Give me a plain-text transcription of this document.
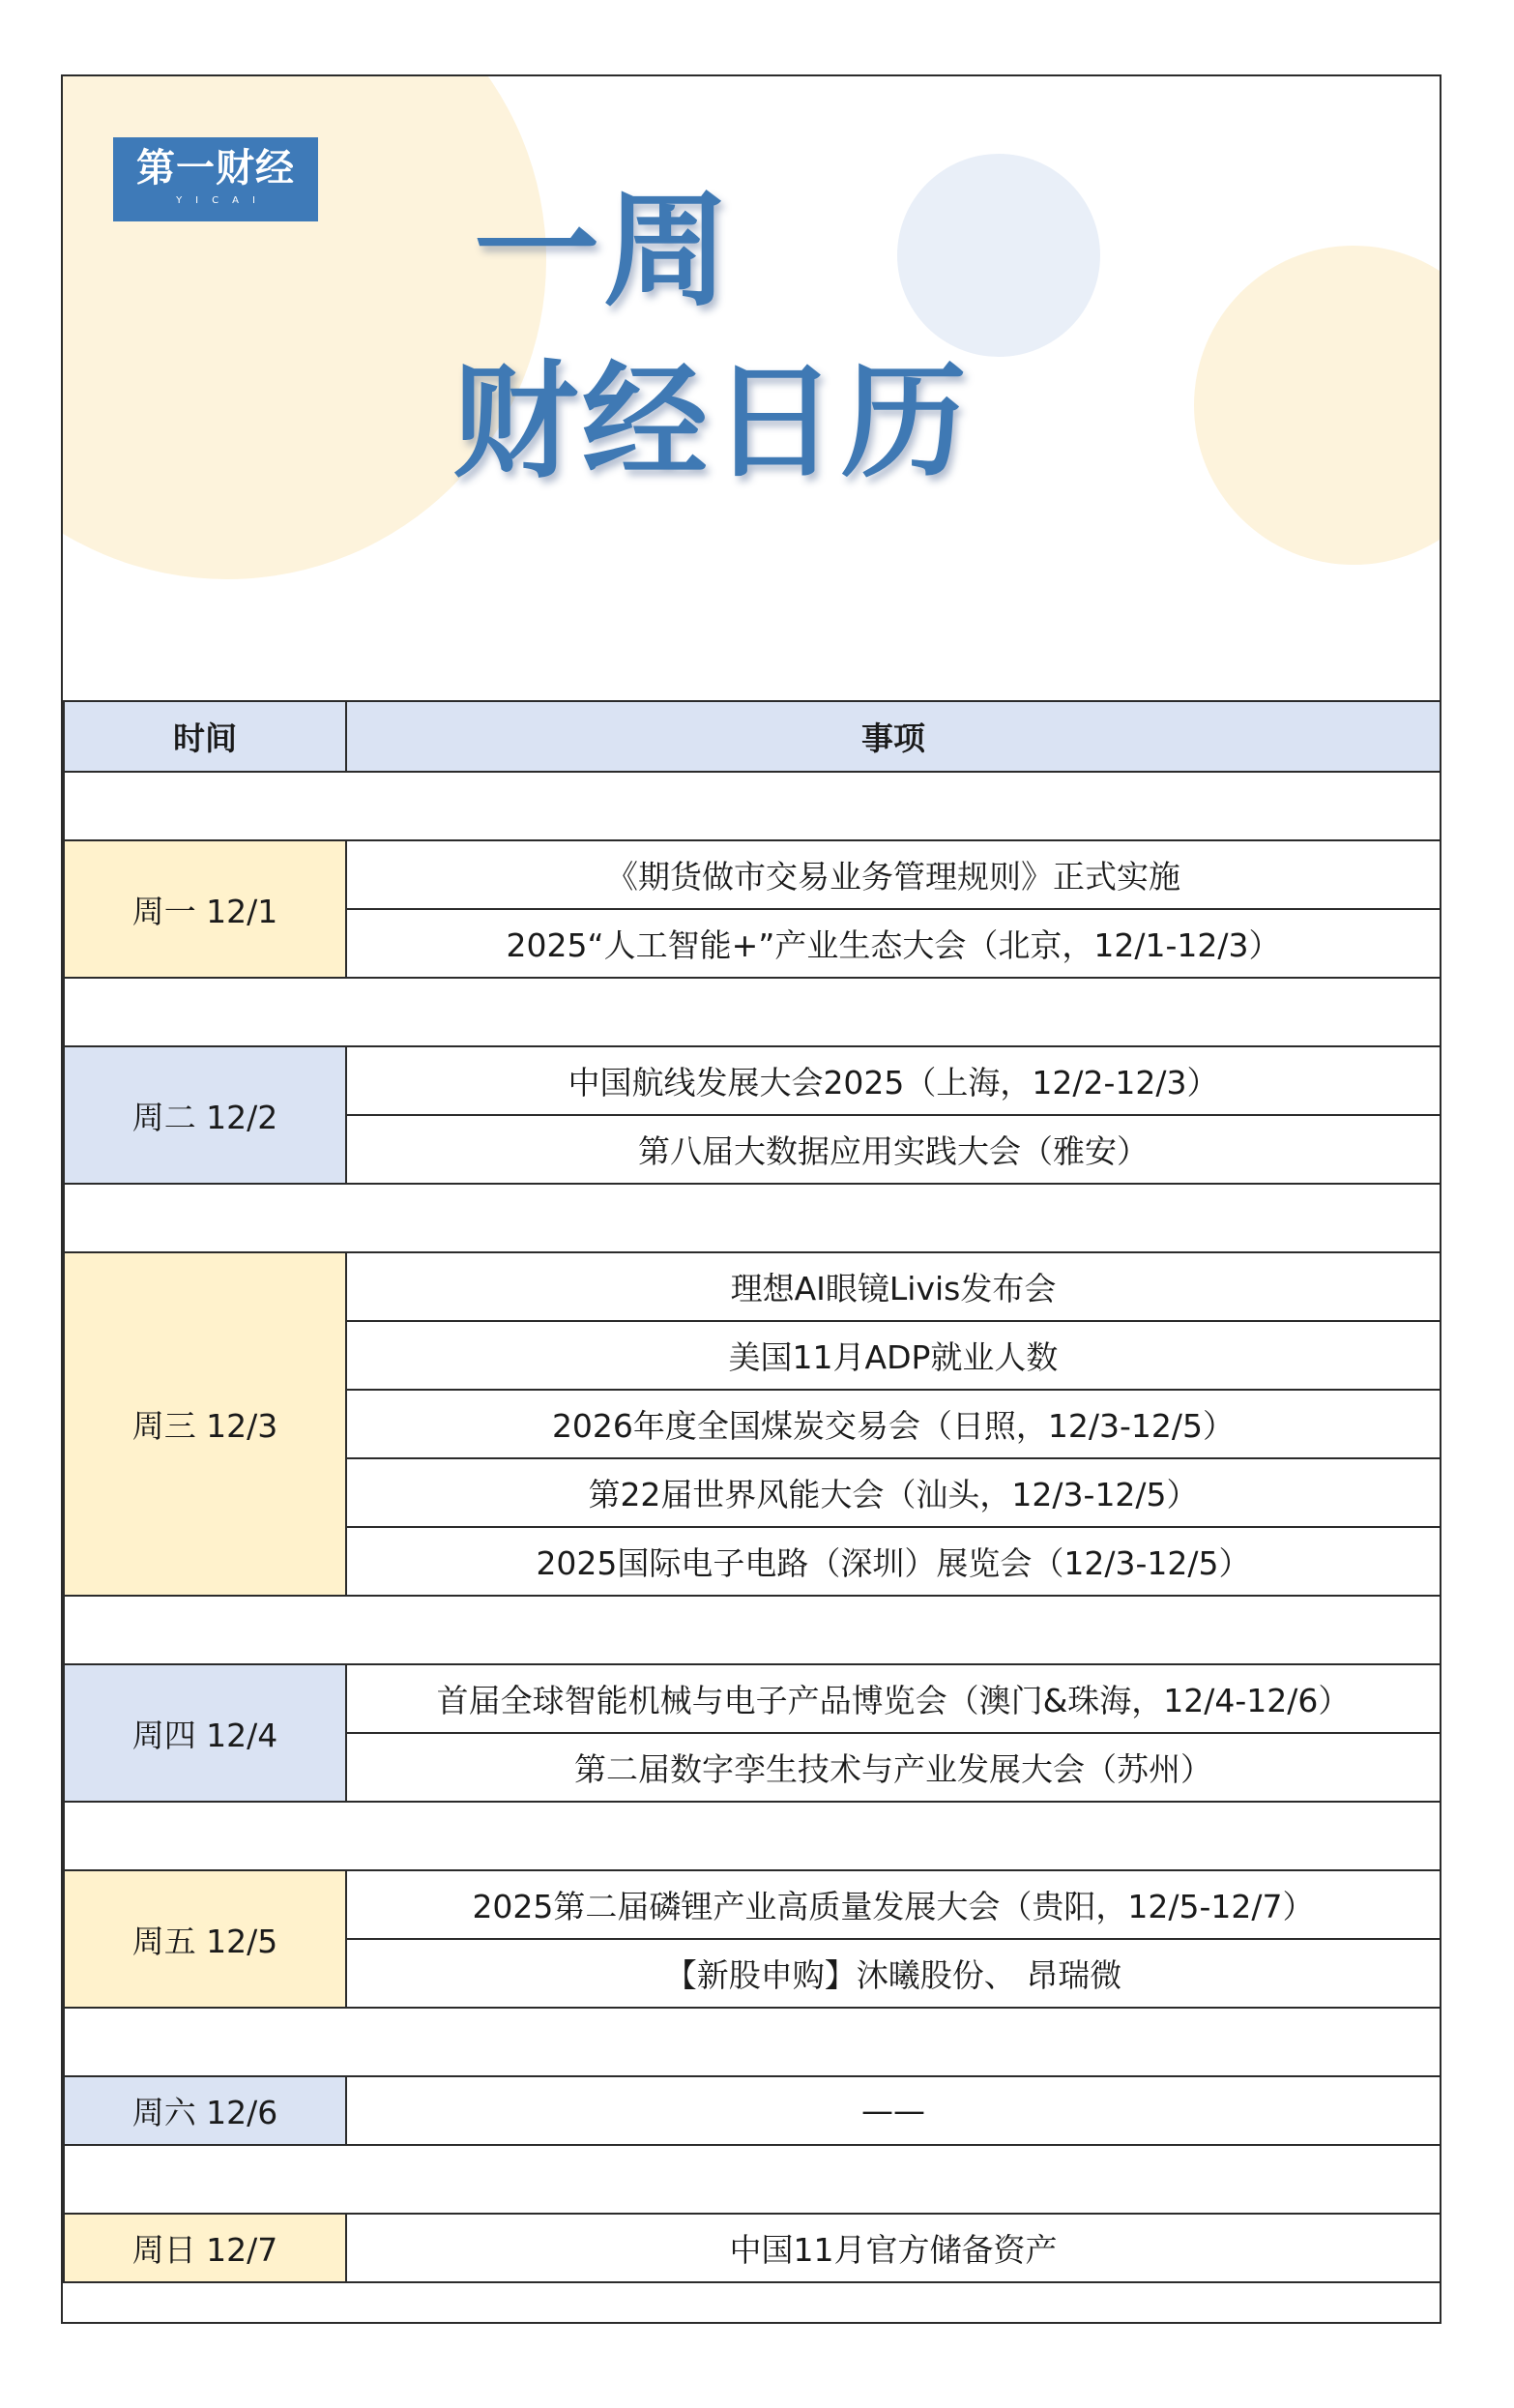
第一财经
YICAI	一周
财经日历
时间	事项

周一 12/1	《期货做市交易业务管理规则》正式实施
	2025“人工智能+”产业生态大会（北京，12/1-12/3）

周二 12/2	中国航线发展大会2025（上海，12/2-12/3）
	第八届大数据应用实践大会（雅安）

周三 12/3	理想AI眼镜Livis发布会
	美国11月ADP就业人数
	2026年度全国煤炭交易会（日照，12/3-12/5）
	第22届世界风能大会（汕头，12/3-12/5）
	2025国际电子电路（深圳）展览会（12/3-12/5）

周四 12/4	首届全球智能机械与电子产品博览会（澳门&珠海，12/4-12/6）
	第二届数字孪生技术与产业发展大会（苏州）

周五 12/5	2025第二届磷锂产业高质量发展大会（贵阳，12/5-12/7）
	【新股申购】沐曦股份、 昂瑞微

周六 12/6	——

周日 12/7	中国11月官方储备资产
